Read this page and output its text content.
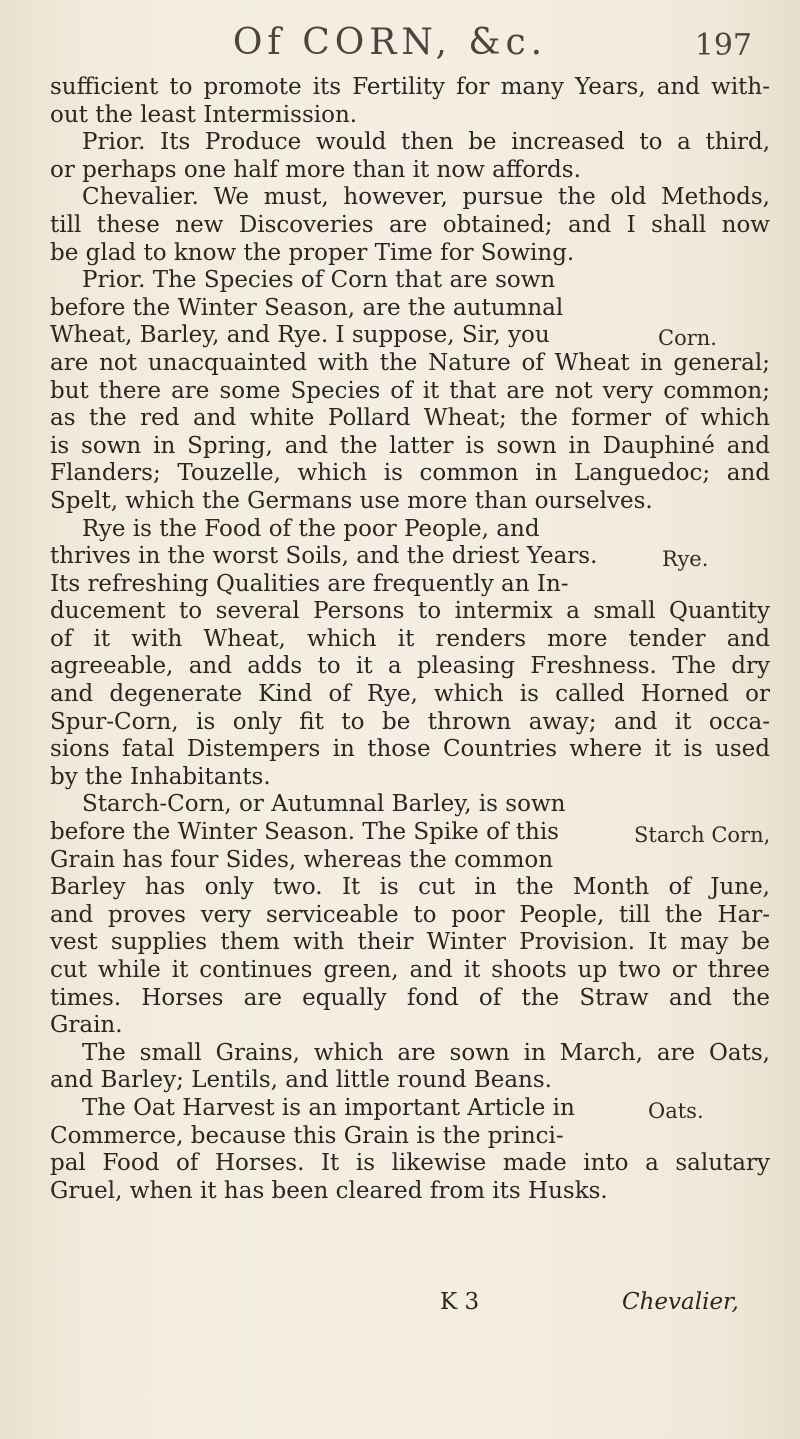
Of CORN, &c.	197
sufficient to promote its Fertility for many Years, and with-
out the least Intermission.
Prior. Its Produce would then be increased to a third,
or perhaps one half more than it now affords.
Chevalier. We must, however, pursue the old Methods,
till these new Discoveries are obtained; and I shall now
be glad to know the proper Time for Sowing.
Prior. The Species of Corn that are sown
before the Winter Season, are the autumnal
Wheat, Barley, and Rye. I suppose, Sir, you
are not unacquainted with the Nature of Wheat in general;
but there are some Species of it that are not very common;
as the red and white Pollard Wheat; the former of which
is sown in Spring, and the latter is sown in Dauphiné and
Flanders; Touzelle, which is common in Languedoc; and
Spelt, which the Germans use more than ourselves.
Rye is the Food of the poor People, and
thrives in the worst Soils, and the driest Years.
Its refreshing Qualities are frequently an In-
ducement to several Persons to intermix a small Quantity
of it with Wheat, which it renders more tender and
agreeable, and adds to it a pleasing Freshness. The dry
and degenerate Kind of Rye, which is called Horned or
Spur-Corn, is only fit to be thrown away; and it occa-
sions fatal Distempers in those Countries where it is used
by the Inhabitants.
Starch-Corn, or Autumnal Barley, is sown
before the Winter Season. The Spike of this
Grain has four Sides, whereas the common
Barley has only two. It is cut in the Month of June,
and proves very serviceable to poor People, till the Har-
vest supplies them with their Winter Provision. It may be
cut while it continues green, and it shoots up two or three
times. Horses are equally fond of the Straw and the
Grain.
The small Grains, which are sown in March, are Oats,
and Barley; Lentils, and little round Beans.
The Oat Harvest is an important Article in
Commerce, because this Grain is the princi-
pal Food of Horses. It is likewise made into a salutary
Gruel, when it has been cleared from its Husks.
Corn.
Rye.
Starch Corn,
Oats.
K 3	Chevalier,
